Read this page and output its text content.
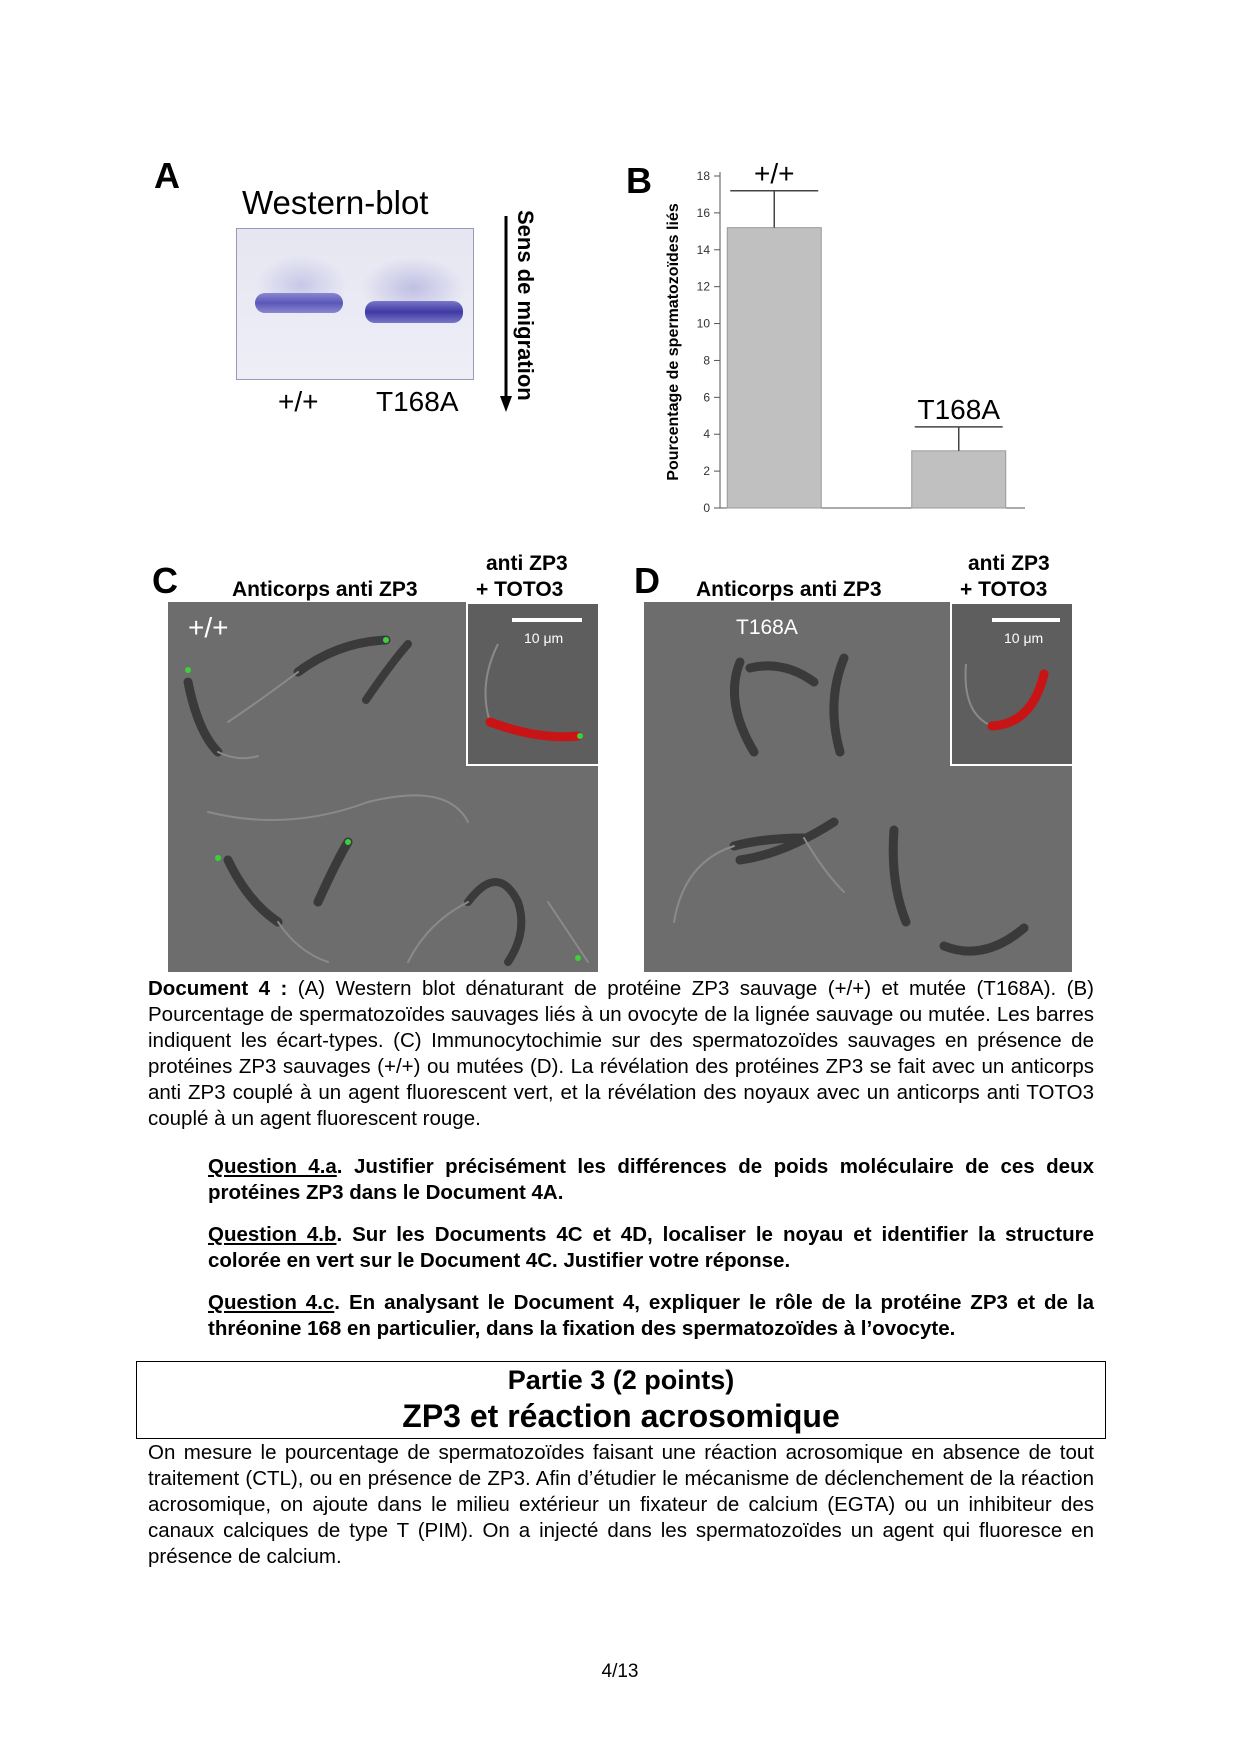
A
Western-blot
+/+ T168A
Sens de migration
B
0
2
4
6
8
10
12
14
16
18
Pourcentage de spermatozoïdes liés
+/+
T168A
C	Anticorps anti ZP3
anti ZP3
+ TOTO3
+/+	10 μm
D Anticorps anti ZP3
anti ZP3
+ TOTO3
T168A	10 μm
Document 4 : (A) Western blot dénaturant de protéine ZP3 sauvage (+/+) et mutée (T168A). (B) Pourcentage de spermatozoïdes sauvages liés à un ovocyte de la lignée sauvage ou mutée. Les barres indiquent les écart-types. (C) Immunocytochimie sur des spermatozoïdes sauvages en présence de protéines ZP3 sauvages (+/+) ou mutées (D). La révélation des protéines ZP3 se fait avec un anticorps anti ZP3 couplé à un agent fluorescent vert, et la révélation des noyaux avec un anticorps anti TOTO3 couplé à un agent fluorescent rouge.
Question 4.a. Justifier précisément les différences de poids moléculaire de ces deux protéines ZP3 dans le Document 4A.
Question 4.b. Sur les Documents 4C et 4D, localiser le noyau et identifier la structure colorée en vert sur le Document 4C. Justifier votre réponse.
Question 4.c. En analysant le Document 4, expliquer le rôle de la protéine ZP3 et de la thréonine 168 en particulier, dans la fixation des spermatozoïdes à l’ovocyte.
Partie 3 (2 points)
ZP3 et réaction acrosomique
On mesure le pourcentage de spermatozoïdes faisant une réaction acrosomique en absence de tout traitement (CTL), ou en présence de ZP3. Afin d’étudier le mécanisme de déclenchement de la réaction acrosomique, on ajoute dans le milieu extérieur un fixateur de calcium (EGTA) ou un inhibiteur des canaux calciques de type T (PIM). On a injecté dans les spermatozoïdes un agent qui fluoresce en présence de calcium.
4/13
